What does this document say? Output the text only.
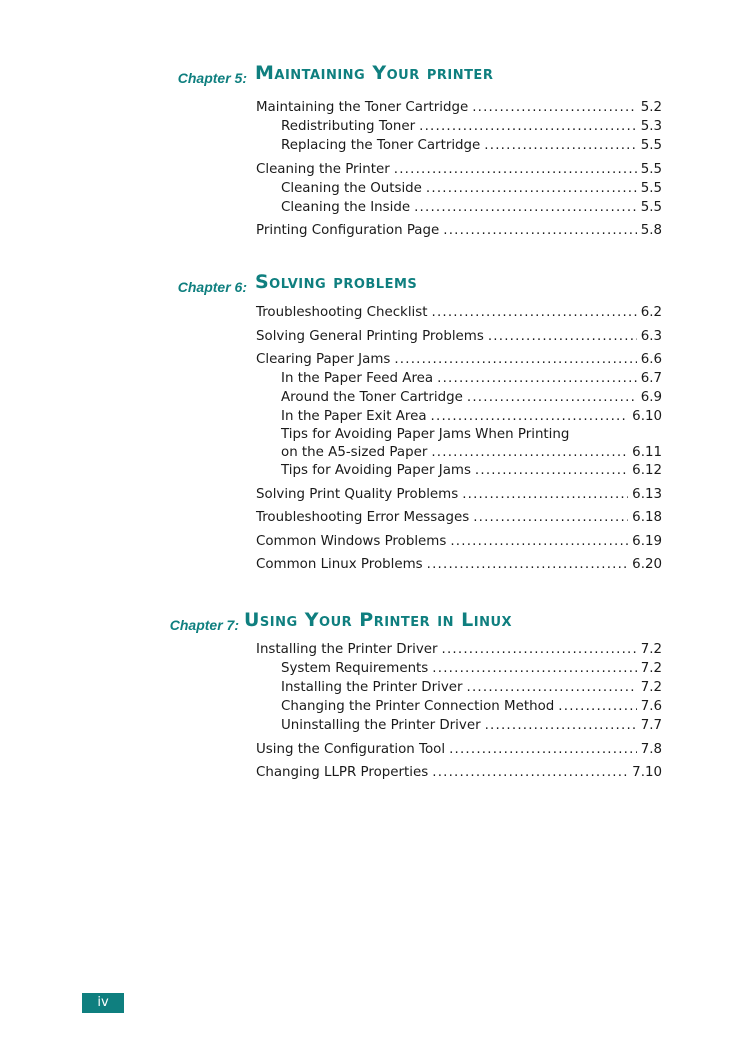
Chapter 5: Maintaining Your printer
Maintaining the Toner Cartridge .....	5.2
Redistributing Toner .....	5.3
Replacing the Toner Cartridge .....	5.5
Cleaning the Printer .....	5.5
Cleaning the Outside .....	5.5
Cleaning the Inside .....	5.5
Printing Configuration Page .....	5.8
Chapter 6: Solving problems
Troubleshooting Checklist .....	6.2
Solving General Printing Problems .....	6.3
Clearing Paper Jams .....	6.6
In the Paper Feed Area .....	6.7
Around the Toner Cartridge .....	6.9
In the Paper Exit Area .....	6.10
Tips for Avoiding Paper Jams When Printing
on the A5-sized Paper .....	6.11
Tips for Avoiding Paper Jams .....	6.12
Solving Print Quality Problems .....	6.13
Troubleshooting Error Messages .....	6.18
Common Windows Problems .....	6.19
Common Linux Problems .....	6.20
Chapter 7: Using Your Printer in Linux
Installing the Printer Driver .....	7.2
System Requirements .....	7.2
Installing the Printer Driver .....	7.2
Changing the Printer Connection Method .....	7.6
Uninstalling the Printer Driver .....	7.7
Using the Configuration Tool .....	7.8
Changing LLPR Properties .....	7.10
iv
